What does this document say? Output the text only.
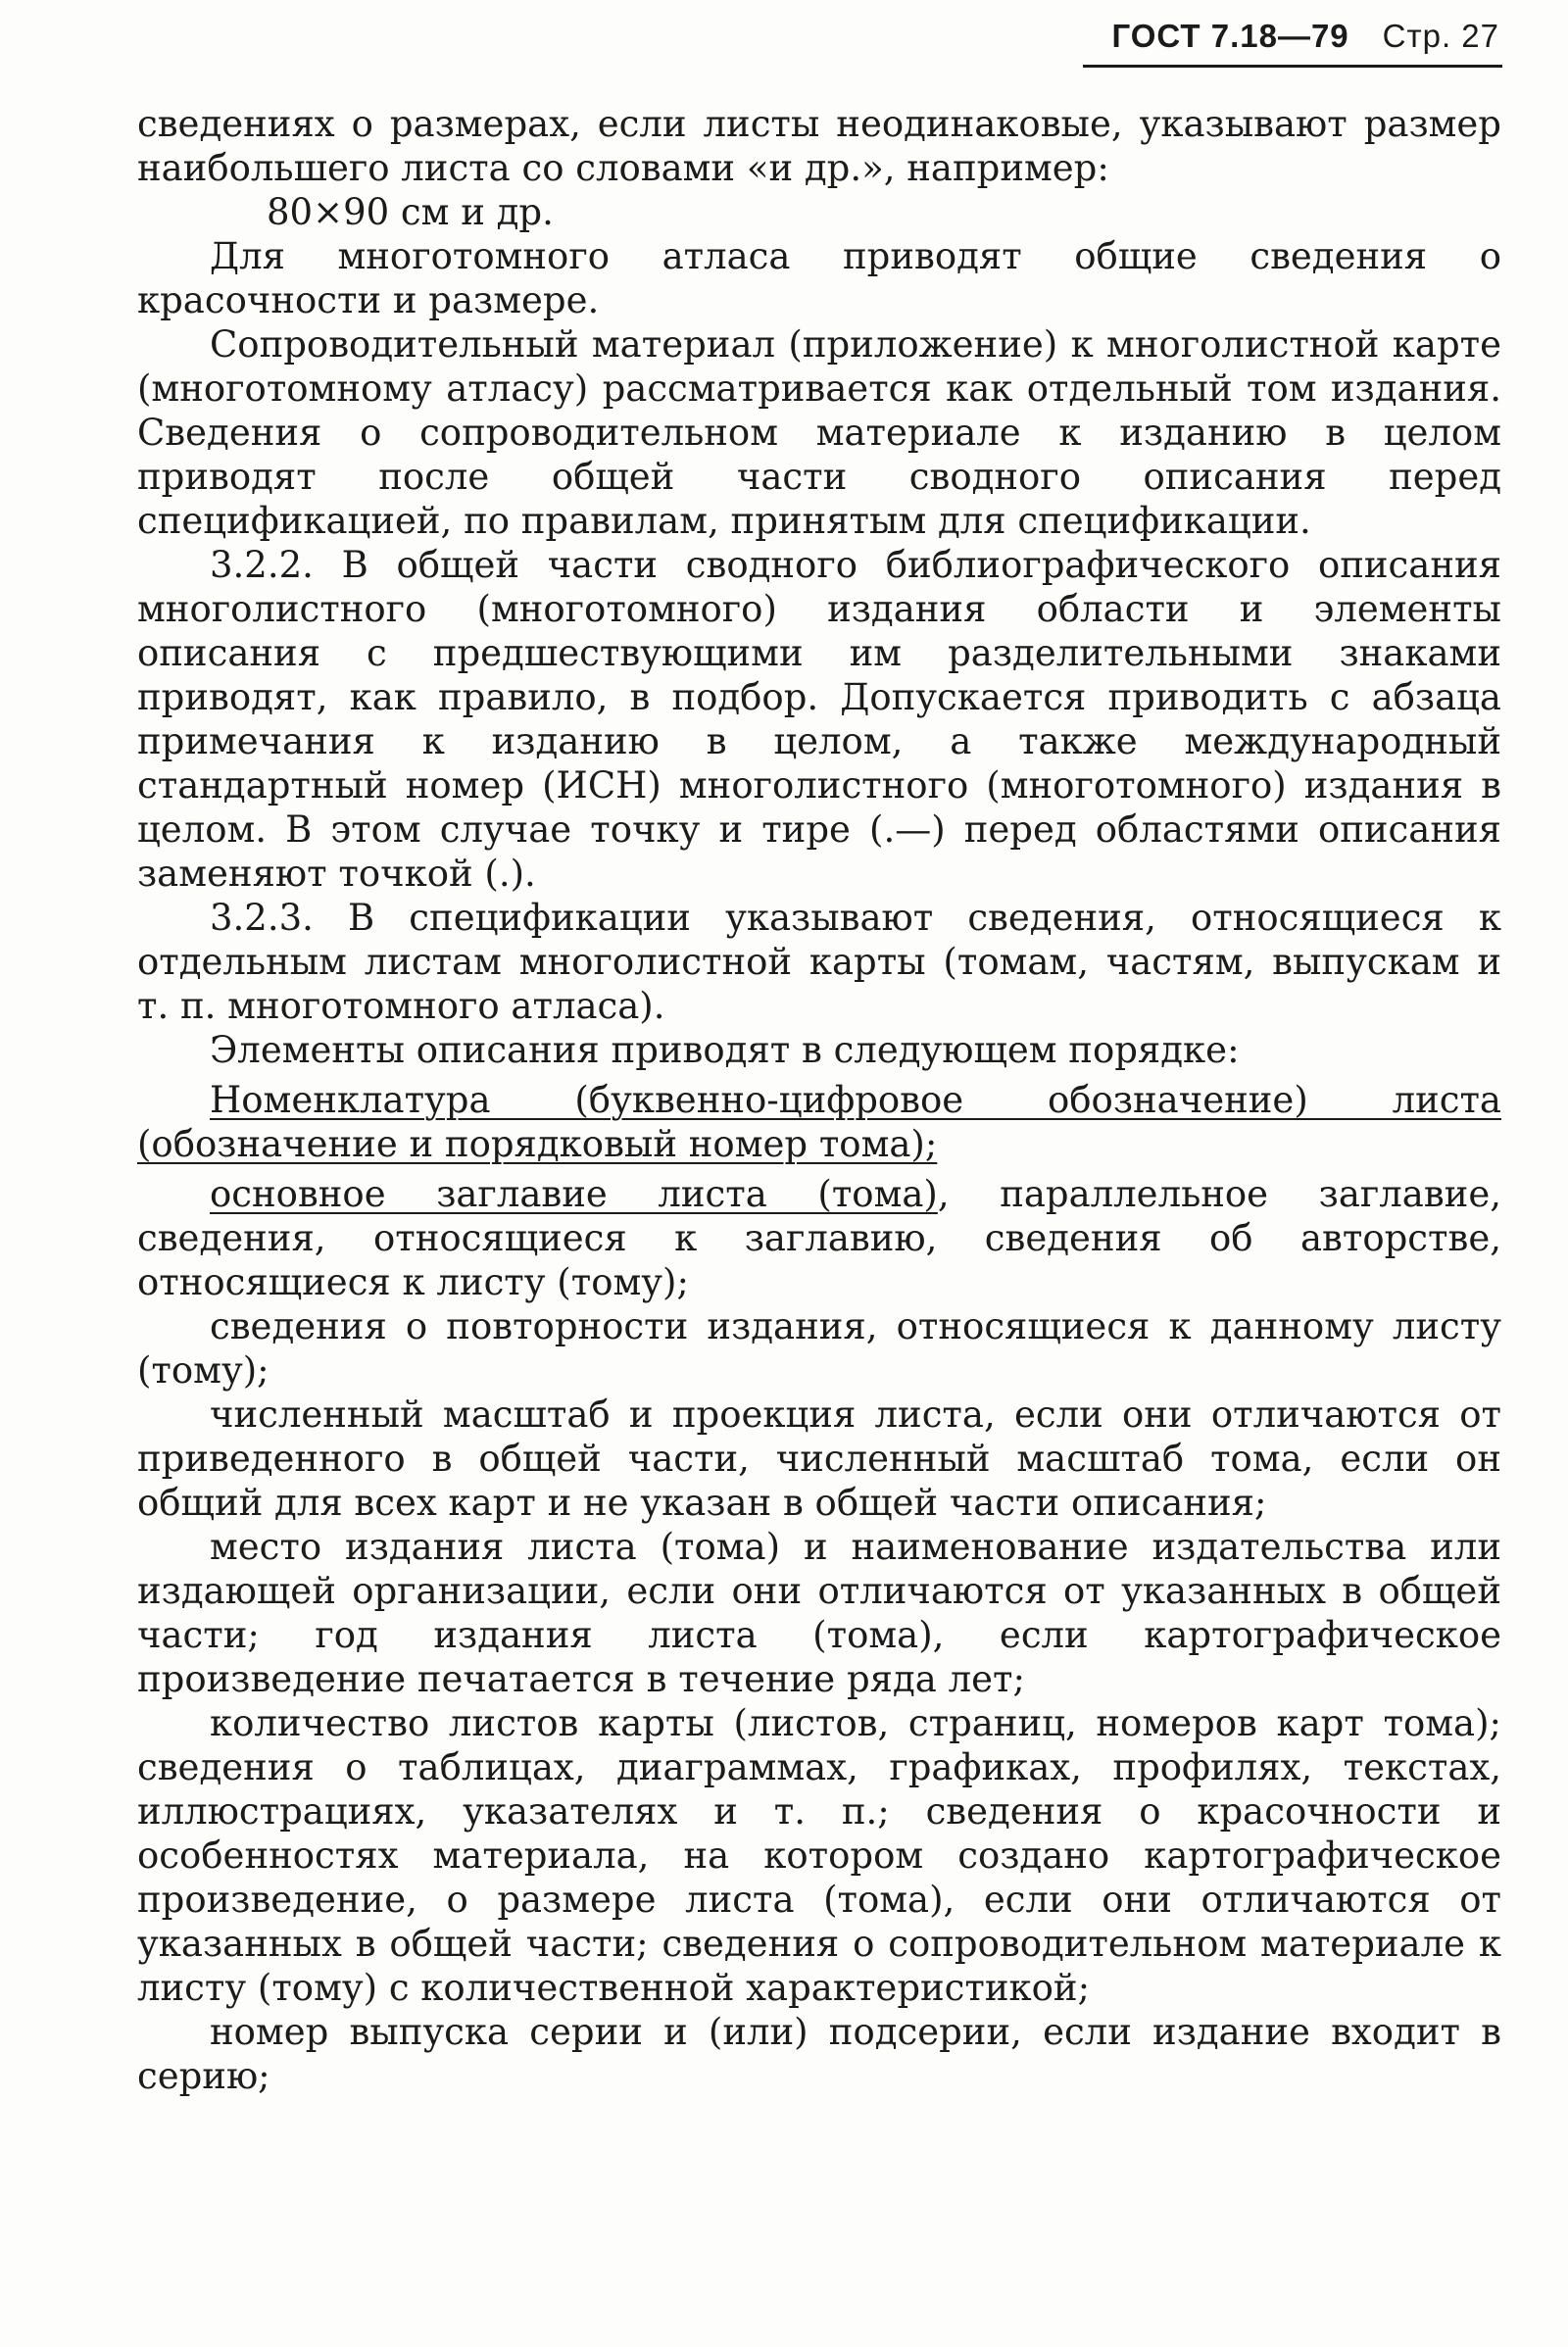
ГОСТ 7.18—79 Стр. 27

сведениях о размерах, если листы неодинаковые, указывают размер наибольшего листа со словами «и др.», например:

80×90 см и др.

Для многотомного атласа приводят общие сведения о красочности и размере.

Сопроводительный материал (приложение) к многолистной карте (многотомному атласу) рассматривается как отдельный том издания. Сведения о сопроводительном материале к изданию в целом приводят после общей части сводного описания перед спецификацией, по правилам, принятым для спецификации.

3.2.2. В общей части сводного библиографического описания многолистного (многотомного) издания области и элементы описания с предшествующими им разделительными знаками приводят, как правило, в подбор. Допускается приводить с абзаца примечания к изданию в целом, а также международный стандартный номер (ИСН) многолистного (многотомного) издания в целом. В этом случае точку и тире (.—) перед областями описания заменяют точкой (.).

3.2.3. В спецификации указывают сведения, относящиеся к отдельным листам многолистной карты (томам, частям, выпускам и т. п. многотомного атласа).

Элементы описания приводят в следующем порядке:

Номенклатура (буквенно-цифровое обозначение) листа (обозначение и порядковый номер тома);

основное заглавие листа (тома), параллельное заглавие, сведения, относящиеся к заглавию, сведения об авторстве, относящиеся к листу (тому);

сведения о повторности издания, относящиеся к данному листу (тому);

численный масштаб и проекция листа, если они отличаются от приведенного в общей части, численный масштаб тома, если он общий для всех карт и не указан в общей части описания;

место издания листа (тома) и наименование издательства или издающей организации, если они отличаются от указанных в общей части; год издания листа (тома), если картографическое произведение печатается в течение ряда лет;

количество листов карты (листов, страниц, номеров карт тома); сведения о таблицах, диаграммах, графиках, профилях, текстах, иллюстрациях, указателях и т. п.; сведения о красочности и особенностях материала, на котором создано картографическое произведение, о размере листа (тома), если они отличаются от указанных в общей части; сведения о сопроводительном материале к листу (тому) с количественной характеристикой;

номер выпуска серии и (или) подсерии, если издание входит в серию;
